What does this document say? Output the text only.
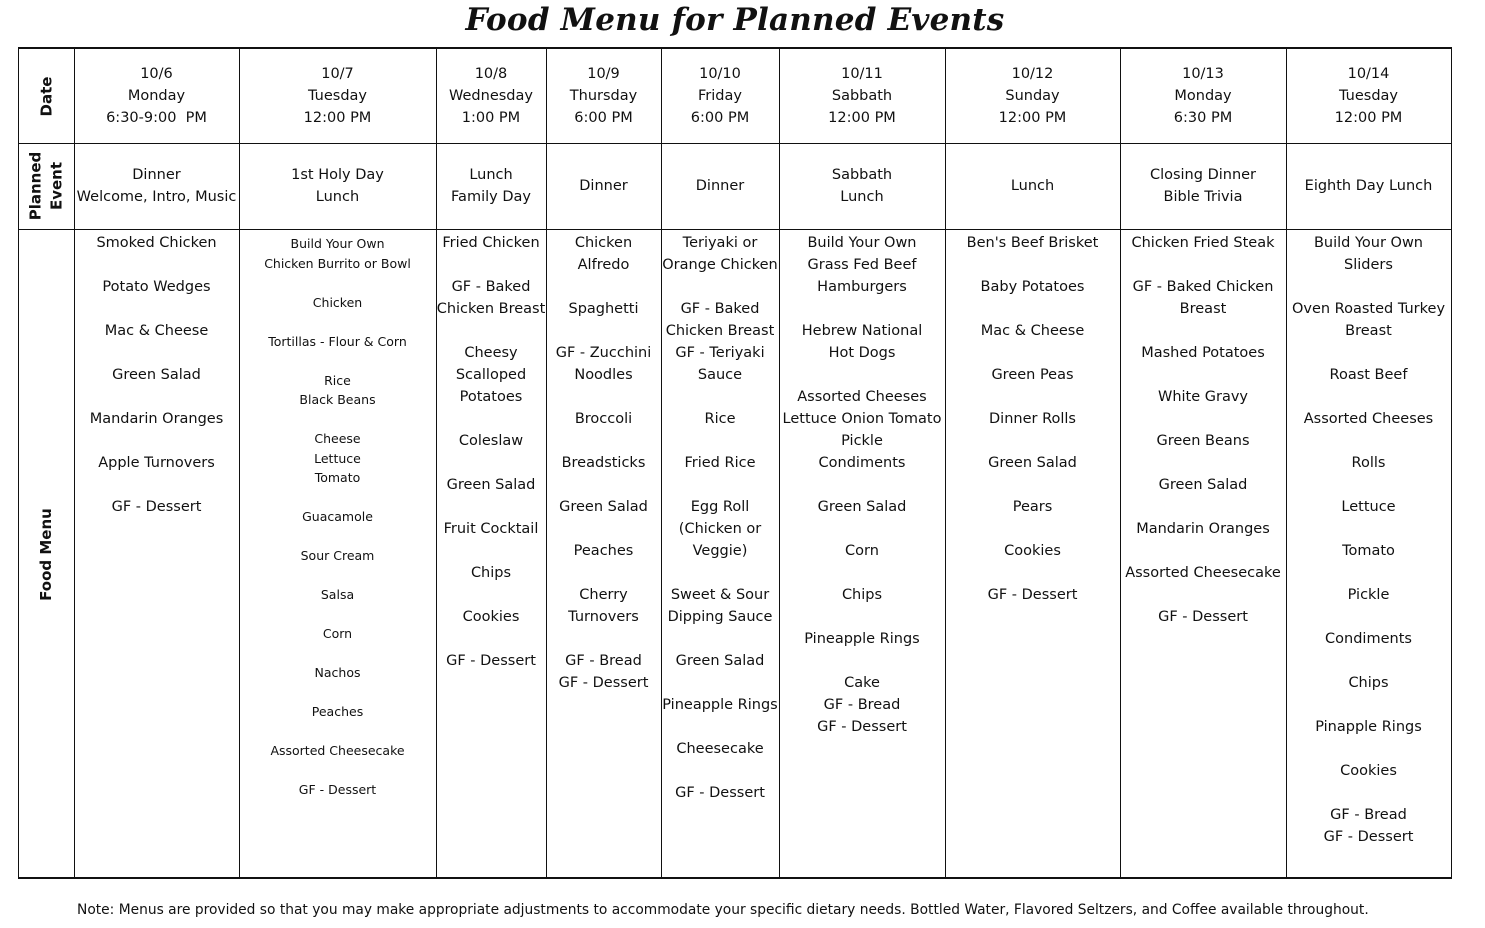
Food Menu for Planned Events
Date
Planned
Event
Food Menu
10/6
Monday
6:30-9:00  PM
Dinner
Welcome, Intro, Music
Smoked Chicken
Potato Wedges
Mac & Cheese
Green Salad
Mandarin Oranges
Apple Turnovers
GF - Dessert
10/7
Tuesday
12:00 PM
1st Holy Day
Lunch
Build Your Own
Chicken Burrito or Bowl
Chicken
Tortillas - Flour & Corn
Rice
Black Beans
Cheese
Lettuce
Tomato
Guacamole
Sour Cream
Salsa
Corn
Nachos
Peaches
Assorted Cheesecake
GF - Dessert
10/8
Wednesday
1:00 PM
Lunch
Family Day
Fried Chicken
GF - Baked
Chicken Breast
Cheesy
Scalloped
Potatoes
Coleslaw
Green Salad
Fruit Cocktail
Chips
Cookies
GF - Dessert
10/9
Thursday
6:00 PM
Dinner
Chicken
Alfredo
Spaghetti
GF - Zucchini
Noodles
Broccoli
Breadsticks
Green Salad
Peaches
Cherry
Turnovers
GF - Bread
GF - Dessert
10/10
Friday
6:00 PM
Dinner
Teriyaki or
Orange Chicken
GF - Baked
Chicken Breast
GF - Teriyaki
Sauce
Rice
Fried Rice
Egg Roll
(Chicken or
Veggie)
Sweet & Sour
Dipping Sauce
Green Salad
Pineapple Rings
Cheesecake
GF - Dessert
10/11
Sabbath
12:00 PM
Sabbath
Lunch
Build Your Own
Grass Fed Beef
Hamburgers
Hebrew National
Hot Dogs
Assorted Cheeses
Lettuce Onion Tomato
Pickle
Condiments
Green Salad
Corn
Chips
Pineapple Rings
Cake
GF - Bread
GF - Dessert
10/12
Sunday
12:00 PM
Lunch
Ben's Beef Brisket
Baby Potatoes
Mac & Cheese
Green Peas
Dinner Rolls
Green Salad
Pears
Cookies
GF - Dessert
10/13
Monday
6:30 PM
Closing Dinner
Bible Trivia
Chicken Fried Steak
GF - Baked Chicken
Breast
Mashed Potatoes
White Gravy
Green Beans
Green Salad
Mandarin Oranges
Assorted Cheesecake
GF - Dessert
10/14
Tuesday
12:00 PM
Eighth Day Lunch
Build Your Own
Sliders
Oven Roasted Turkey
Breast
Roast Beef
Assorted Cheeses
Rolls
Lettuce
Tomato
Pickle
Condiments
Chips
Pinapple Rings
Cookies
GF - Bread
GF - Dessert
Note: Menus are provided so that you may make appropriate adjustments to accommodate your specific dietary needs. Bottled Water, Flavored Seltzers, and Coffee available throughout.
